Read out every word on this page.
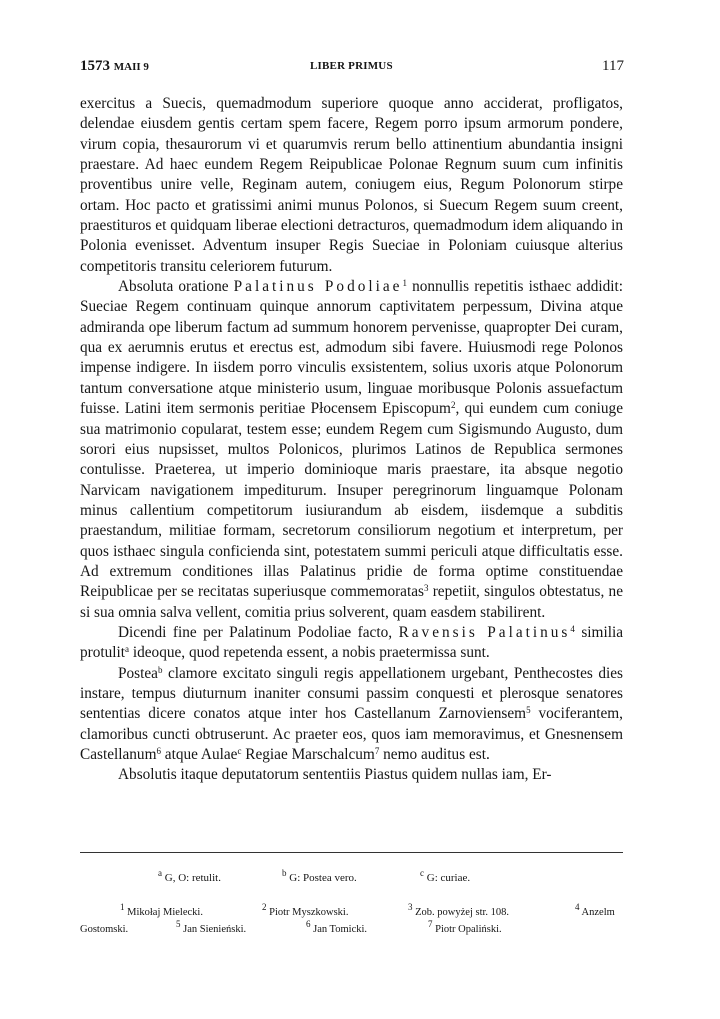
1573 MAII 9	LIBER PRIMUS	117

exercitus a Suecis, quemadmodum superiore quoque anno acciderat, profligatos, delendae eiusdem gentis certam spem facere, Regem porro ipsum armorum pondere, virum copia, thesaurorum vi et quarumvis rerum bello attinentium abundantia insigni praestare. Ad haec eundem Regem Reipublicae Polonae Regnum suum cum infinitis proventibus unire velle, Reginam autem, coniugem eius, Regum Polonorum stirpe ortam. Hoc pacto et gratissimi animi munus Polonos, si Suecum Regem suum creent, praestituros et quidquam liberae electioni detracturos, quemadmodum idem aliquando in Polonia evenisset. Adventum insuper Regis Sueciae in Poloniam cuiusque alterius competitoris transitu celeriorem futurum.

Absoluta oratione Palatinus Podoliae$^1$ nonnullis repetitis isthaec addidit: Sueciae Regem continuam quinque annorum captivitatem perpessum, Divina atque admiranda ope liberum factum ad summum honorem pervenisse, quapropter Dei curam, qua ex aerumnis erutus et erectus est, admodum sibi favere. Huiusmodi rege Polonos impense indigere. In iisdem porro vinculis exsistentem, solius uxoris atque Polonorum tantum conversatione atque ministerio usum, linguae moribusque Polonis assuefactum fuisse. Latini item sermonis peritiae Płocensem Episcopum$^2$, qui eundem cum coniuge sua matrimonio copularat, testem esse; eundem Regem cum Sigismundo Augusto, dum sorori eius nupsisset, multos Polonicos, plurimos Latinos de Republica sermones contulisse. Praeterea, ut imperio dominioque maris praestare, ita absque negotio Narvicam navigationem impediturum. Insuper peregrinorum linguamque Polonam minus callentium competitorum iusiurandum ab eisdem, iisdemque a subditis praestandum, militiae formam, secretorum consiliorum negotium et interpretum, per quos isthaec singula conficienda sint, potestatem summi periculi atque difficultatis esse. Ad extremum conditiones illas Palatinus pridie de forma optime constituendae Reipublicae per se recitatas superiusque commemoratas$^3$ repetiit, singulos obtestatus, ne si sua omnia salva vellent, comitia prius solverent, quam easdem stabilirent.

Dicendi fine per Palatinum Podoliae facto, Ravensis Palatinus$^4$ similia protulit$^a$ ideoque, quod repetenda essent, a nobis praetermissa sunt.

Postea$^b$ clamore excitato singuli regis appellationem urgebant, Penthecostes dies instare, tempus diuturnum inaniter consumi passim conquesti et plerosque senatores sententias dicere conatos atque inter hos Castellanum Zarnoviensem$^5$ vociferantem, clamoribus cuncti obtruserunt. Ac praeter eos, quos iam memoravimus, et Gnesnensem Castellanum$^6$ atque Aulae$^c$ Regiae Marschalcum$^7$ nemo auditus est.

Absolutis itaque deputatorum sententiis Piastus quidem nullas iam, Er-

$^a$ G, O: retulit.	$^b$ G: Postea vero.	$^c$ G: curiae.
$^1$ Mikołaj Mielecki.	$^2$ Piotr Myszkowski.	$^3$ Zob. powyżej str. 108.	$^4$ Anzelm
Gostomski.	$^5$ Jan Sienieński.	$^6$ Jan Tomicki.	$^7$ Piotr Opaliński.
